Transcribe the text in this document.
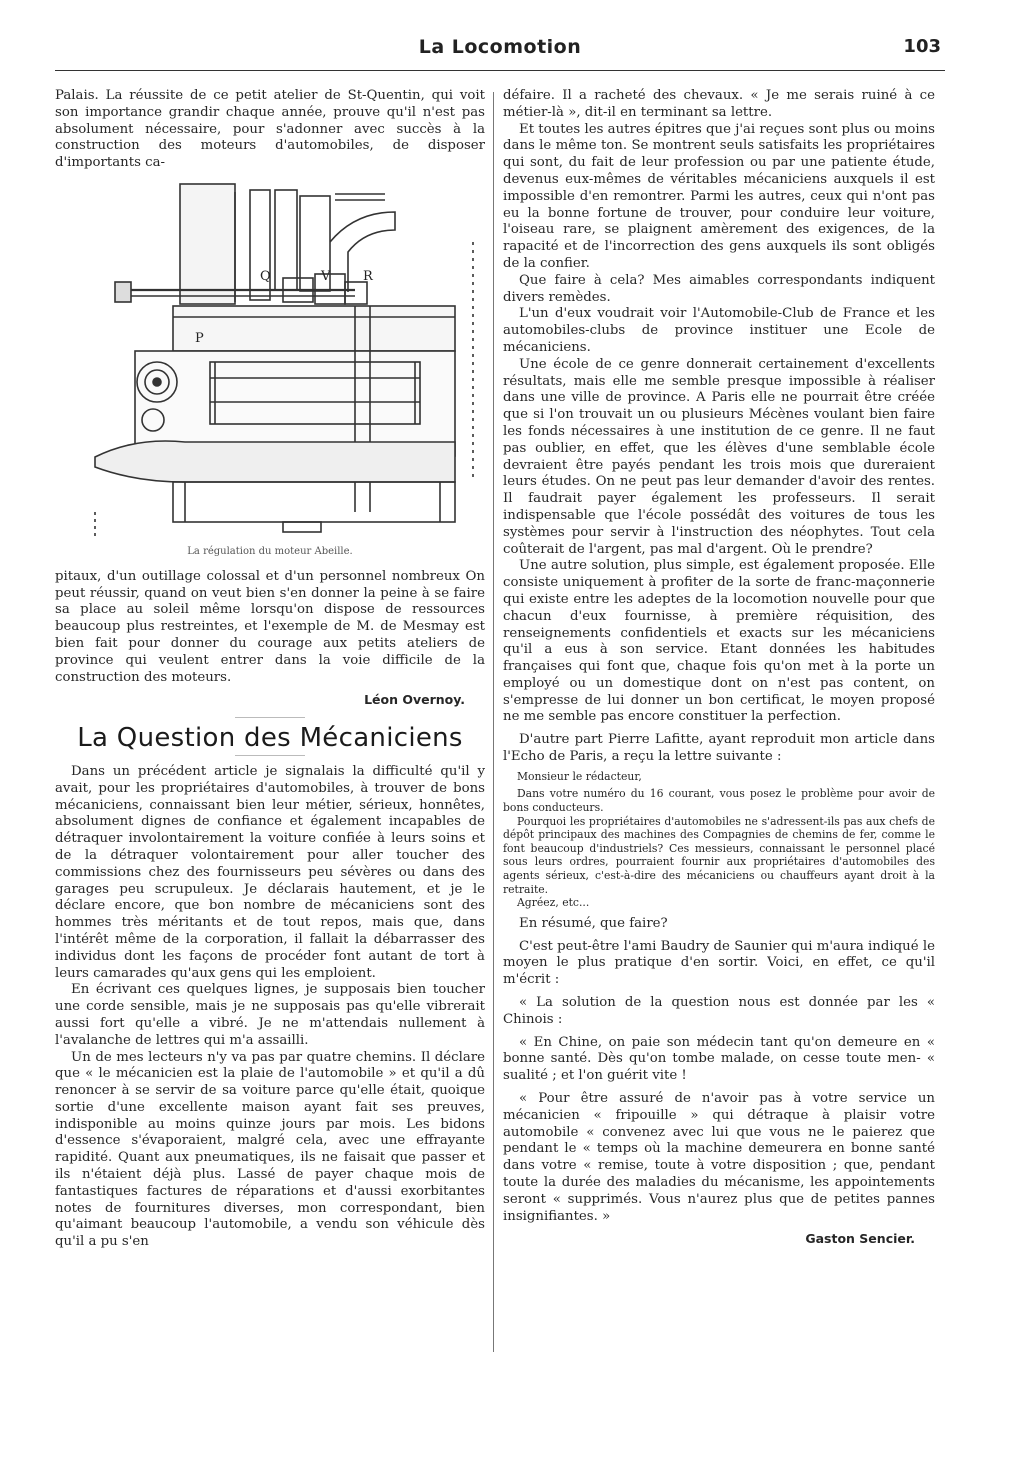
La Locomotion	103

Palais. La réussite de ce petit atelier de St-Quentin, qui voit son importance grandir chaque année, prouve qu'il n'est pas absolument nécessaire, pour s'adonner avec succès à la construction des moteurs d'automobiles, de disposer d'importants ca-

Q	V	R
P
La régulation du moteur Abeille.

pitaux, d'un outillage colossal et d'un personnel nombreux On peut réussir, quand on veut bien s'en donner la peine à se faire sa place au soleil même lorsqu'on dispose de ressources beaucoup plus restreintes, et l'exemple de M. de Mesmay est bien fait pour donner du courage aux petits ateliers de province qui veulent entrer dans la voie difficile de la construction des moteurs.

Léon Overnoy.
La Question des Mécaniciens

Dans un précédent article je signalais la difficulté qu'il y avait, pour les propriétaires d'automobiles, à trouver de bons mécaniciens, connaissant bien leur métier, sérieux, honnêtes, absolument dignes de confiance et également incapables de détraquer involontairement la voiture confiée à leurs soins et de la détraquer volontairement pour aller toucher des commissions chez des fournisseurs peu sévères ou dans des garages peu scrupuleux. Je déclarais hautement, et je le déclare encore, que bon nombre de mécaniciens sont des hommes très méritants et de tout repos, mais que, dans l'intérêt même de la corporation, il fallait la débarrasser des individus dont les façons de procéder font autant de tort à leurs camarades qu'aux gens qui les emploient.

En écrivant ces quelques lignes, je supposais bien toucher une corde sensible, mais je ne supposais pas qu'elle vibrerait aussi fort qu'elle a vibré. Je ne m'attendais nullement à l'avalanche de lettres qui m'a assailli.

Un de mes lecteurs n'y va pas par quatre chemins. Il déclare que « le mécanicien est la plaie de l'automobile » et qu'il a dû renoncer à se servir de sa voiture parce qu'elle était, quoique sortie d'une excellente maison ayant fait ses preuves, indisponible au moins quinze jours par mois. Les bidons d'essence s'évaporaient, malgré cela, avec une effrayante rapidité. Quant aux pneumatiques, ils ne faisait que passer et ils n'étaient déjà plus. Lassé de payer chaque mois de fantastiques factures de réparations et d'aussi exorbitantes notes de fournitures diverses, mon correspondant, bien qu'aimant beaucoup l'automobile, a vendu son véhicule dès qu'il a pu s'en

défaire. Il a racheté des chevaux. « Je me serais ruiné à ce métier-là », dit-il en terminant sa lettre.

Et toutes les autres épitres que j'ai reçues sont plus ou moins dans le même ton. Se montrent seuls satisfaits les propriétaires qui sont, du fait de leur profession ou par une patiente étude, devenus eux-mêmes de véritables mécaniciens auxquels il est impossible d'en remontrer. Parmi les autres, ceux qui n'ont pas eu la bonne fortune de trouver, pour conduire leur voiture, l'oiseau rare, se plaignent amèrement des exigences, de la rapacité et de l'incorrection des gens auxquels ils sont obligés de la confier.

Que faire à cela? Mes aimables correspondants indiquent divers remèdes.

L'un d'eux voudrait voir l'Automobile-Club de France et les automobiles-clubs de province instituer une Ecole de mécaniciens.

Une école de ce genre donnerait certainement d'excellents résultats, mais elle me semble presque impossible à réaliser dans une ville de province. A Paris elle ne pourrait être créée que si l'on trouvait un ou plusieurs Mécènes voulant bien faire les fonds nécessaires à une institution de ce genre. Il ne faut pas oublier, en effet, que les élèves d'une semblable école devraient être payés pendant les trois mois que dureraient leurs études. On ne peut pas leur demander d'avoir des rentes. Il faudrait payer également les professeurs. Il serait indispensable que l'école possédât des voitures de tous les systèmes pour servir à l'instruction des néophytes. Tout cela coûterait de l'argent, pas mal d'argent. Où le prendre?

Une autre solution, plus simple, est également proposée. Elle consiste uniquement à profiter de la sorte de franc-maçonnerie qui existe entre les adeptes de la locomotion nouvelle pour que chacun d'eux fournisse, à première réquisition, des renseignements confidentiels et exacts sur les mécaniciens qu'il a eus à son service. Etant données les habitudes françaises qui font que, chaque fois qu'on met à la porte un employé ou un domestique dont on n'est pas content, on s'empresse de lui donner un bon certificat, le moyen proposé ne me semble pas encore constituer la perfection.

D'autre part Pierre Lafitte, ayant reproduit mon article dans l'Echo de Paris, a reçu la lettre suivante :

Monsieur le rédacteur,

Dans votre numéro du 16 courant, vous posez le problème pour avoir de bons conducteurs.

Pourquoi les propriétaires d'automobiles ne s'adressent-ils pas aux chefs de dépôt principaux des machines des Compagnies de chemins de fer, comme le font beaucoup d'industriels? Ces messieurs, connaissant le personnel placé sous leurs ordres, pourraient fournir aux propriétaires d'automobiles des agents sérieux, c'est-à-dire des mécaniciens ou chauffeurs ayant droit à la retraite.

Agréez, etc...

En résumé, que faire?

C'est peut-être l'ami Baudry de Saunier qui m'aura indiqué le moyen le plus pratique d'en sortir. Voici, en effet, ce qu'il m'écrit :

« La solution de la question nous est donnée par les « Chinois :

« En Chine, on paie son médecin tant qu'on demeure en « bonne santé. Dès qu'on tombe malade, on cesse toute men- « sualité ; et l'on guérit vite !

« Pour être assuré de n'avoir pas à votre service un mécanicien « fripouille » qui détraque à plaisir votre automobile « convenez avec lui que vous ne le paierez que pendant le « temps où la machine demeurera en bonne santé dans votre « remise, toute à votre disposition ; que, pendant toute la durée des maladies du mécanisme, les appointements seront « supprimés. Vous n'aurez plus que de petites pannes insignifiantes. »

Gaston Sencier.
